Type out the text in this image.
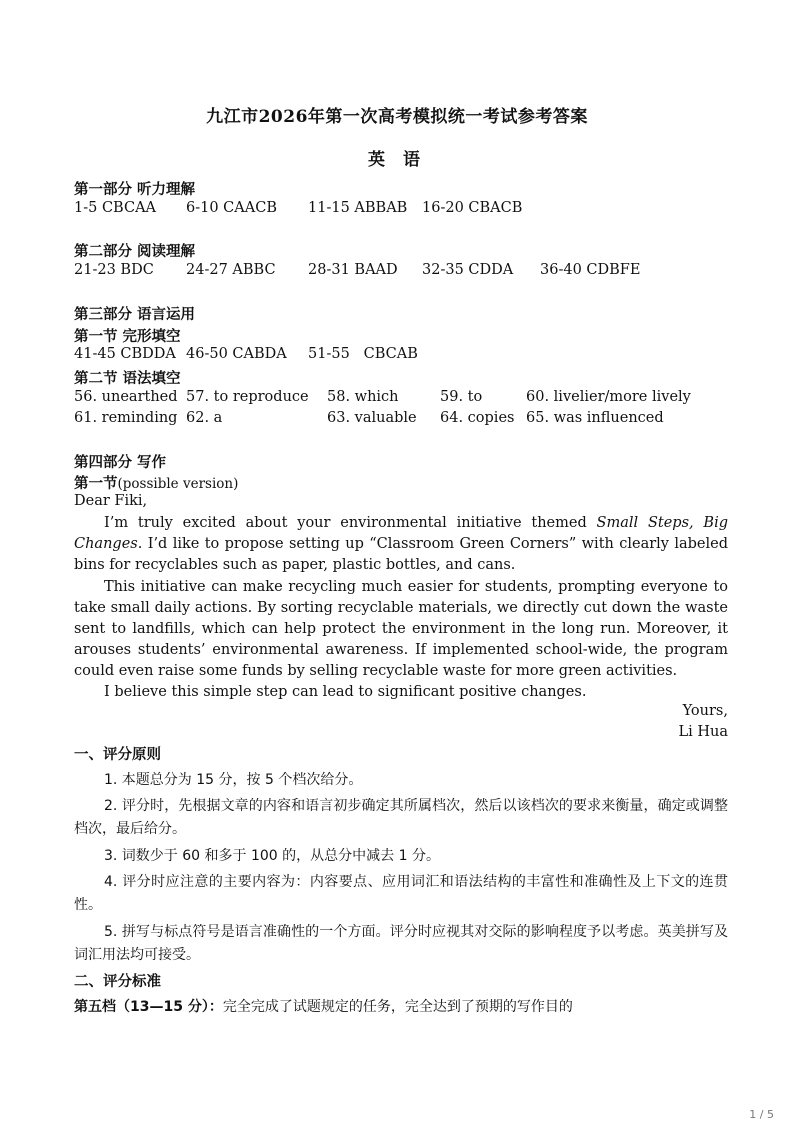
九江市2026年第一次高考模拟统一考试参考答案
英 语
第一部分 听力理解
1-5 CBCAA 6-10 CAACB 11-15 ABBAB 16-20 CBACB
第二部分 阅读理解
21-23 BDC 24-27 ABBC 28-31 BAAD 32-35 CDDA 36-40 CDBFE
第三部分 语言运用
第一节 完形填空
41-45 CBDDA 46-50 CABDA 51-55   CBCAB
第二节 语法填空
56. unearthed 57. to reproduce 58. which	59. to	60. livelier/more lively
61. reminding 62. a	63. valuable 64. copies 65. was influenced
第四部分 写作
第一节(possible version)
Dear Fiki,
I’m truly excited about your environmental initiative themed Small Steps, Big Changes. I’d like to propose setting up “Classroom Green Corners” with clearly labeled bins for recyclables such as paper, plastic bottles, and cans.
This initiative can make recycling much easier for students, prompting everyone to take small daily actions. By sorting recyclable materials, we directly cut down the waste sent to landfills, which can help protect the environment in the long run. Moreover, it arouses students’ environmental awareness. If implemented school-wide, the program could even raise some funds by selling recyclable waste for more green activities.
I believe this simple step can lead to significant positive changes.
Yours,
Li Hua
一、评分原则
1. 本题总分为 15 分，按 5 个档次给分。
2. 评分时，先根据文章的内容和语言初步确定其所属档次，然后以该档次的要求来衡量，确定或调整档次，最后给分。
3. 词数少于 60 和多于 100 的，从总分中减去 1 分。
4. 评分时应注意的主要内容为：内容要点、应用词汇和语法结构的丰富性和准确性及上下文的连贯性。
5. 拼写与标点符号是语言准确性的一个方面。评分时应视其对交际的影响程度予以考虑。英美拼写及词汇用法均可接受。
二、评分标准
第五档（13—15 分）：完全完成了试题规定的任务，完全达到了预期的写作目的
1 / 5
